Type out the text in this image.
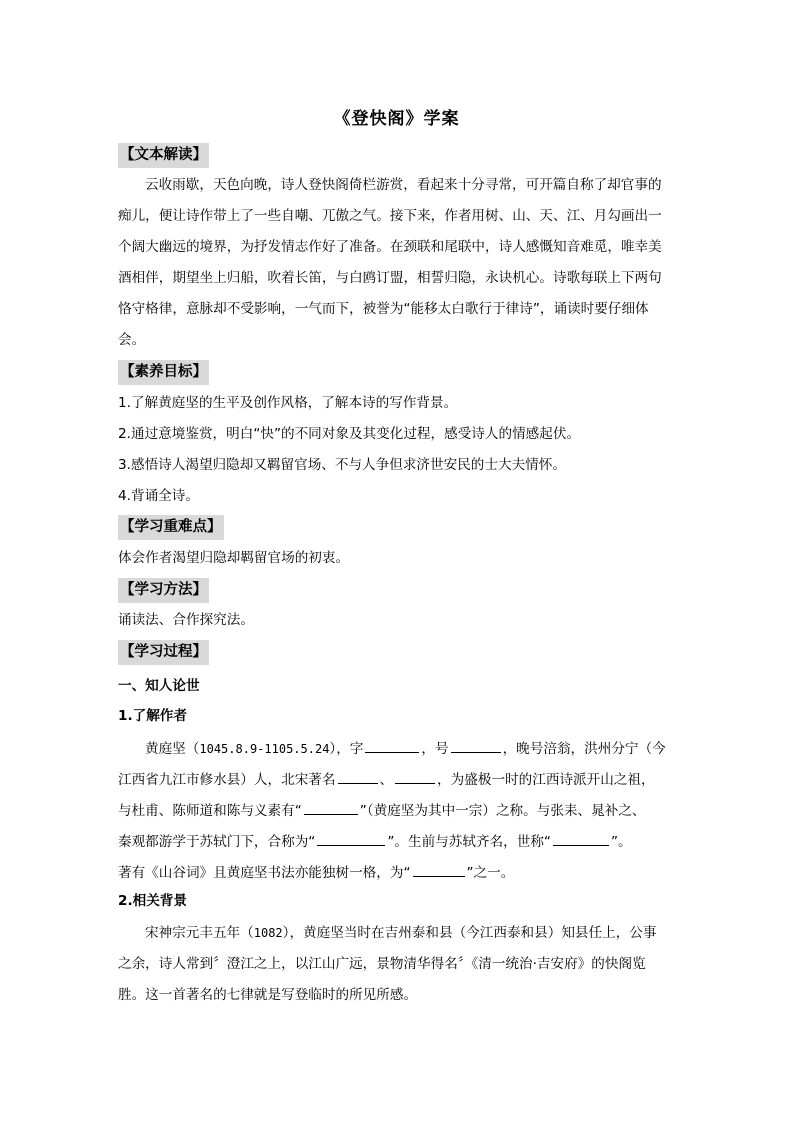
《登快阁》学案
【文本解读】
云收雨歇，天色向晚，诗人登快阁倚栏游赏，看起来十分寻常，可开篇自称了却官事的
痴儿，便让诗作带上了一些自嘲、兀傲之气。接下来，作者用树、山、天、江、月勾画出一
个阔大幽远的境界，为抒发情志作好了准备。在颈联和尾联中，诗人感慨知音难觅，唯幸美
酒相伴，期望坐上归船，吹着长笛，与白鸥订盟，相誓归隐，永诀机心。诗歌每联上下两句
恪守格律，意脉却不受影响，一气而下，被誉为“能移太白歌行于律诗”，诵读时要仔细体
会。
【素养目标】
1.了解黄庭坚的生平及创作风格，了解本诗的写作背景。
2.通过意境鉴赏，明白“快”的不同对象及其变化过程，感受诗人的情感起伏。
3.感悟诗人渴望归隐却又羁留官场、不与人争但求济世安民的士大夫情怀。
4.背诵全诗。
【学习重难点】
体会作者渴望归隐却羁留官场的初衷。
【学习方法】
诵读法、合作探究法。
【学习过程】
一、知人论世
1.了解作者
黄庭坚（1045.8.9-1105.5.24），字	，号	，晚号涪翁，洪州分宁（今
江西省九江市修水县）人，北宋著名	、	，为盛极一时的江西诗派开山之祖，
与杜甫、陈师道和陈与义素有“	”（黄庭坚为其中一宗）之称。与张耒、晁补之、
秦观都游学于苏轼门下，合称为“	”。生前与苏轼齐名，世称“	”。
著有《山谷词》且黄庭坚书法亦能独树一格，为“	”之一。
2.相关背景
宋神宗元丰五年（1082），黄庭坚当时在吉州泰和县（今江西泰和县）知县任上，公事
之余，诗人常到〞澄江之上，以江山广远，景物清华得名〞《清一统治·吉安府》的快阁览
胜。这一首著名的七律就是写登临时的所见所感。
